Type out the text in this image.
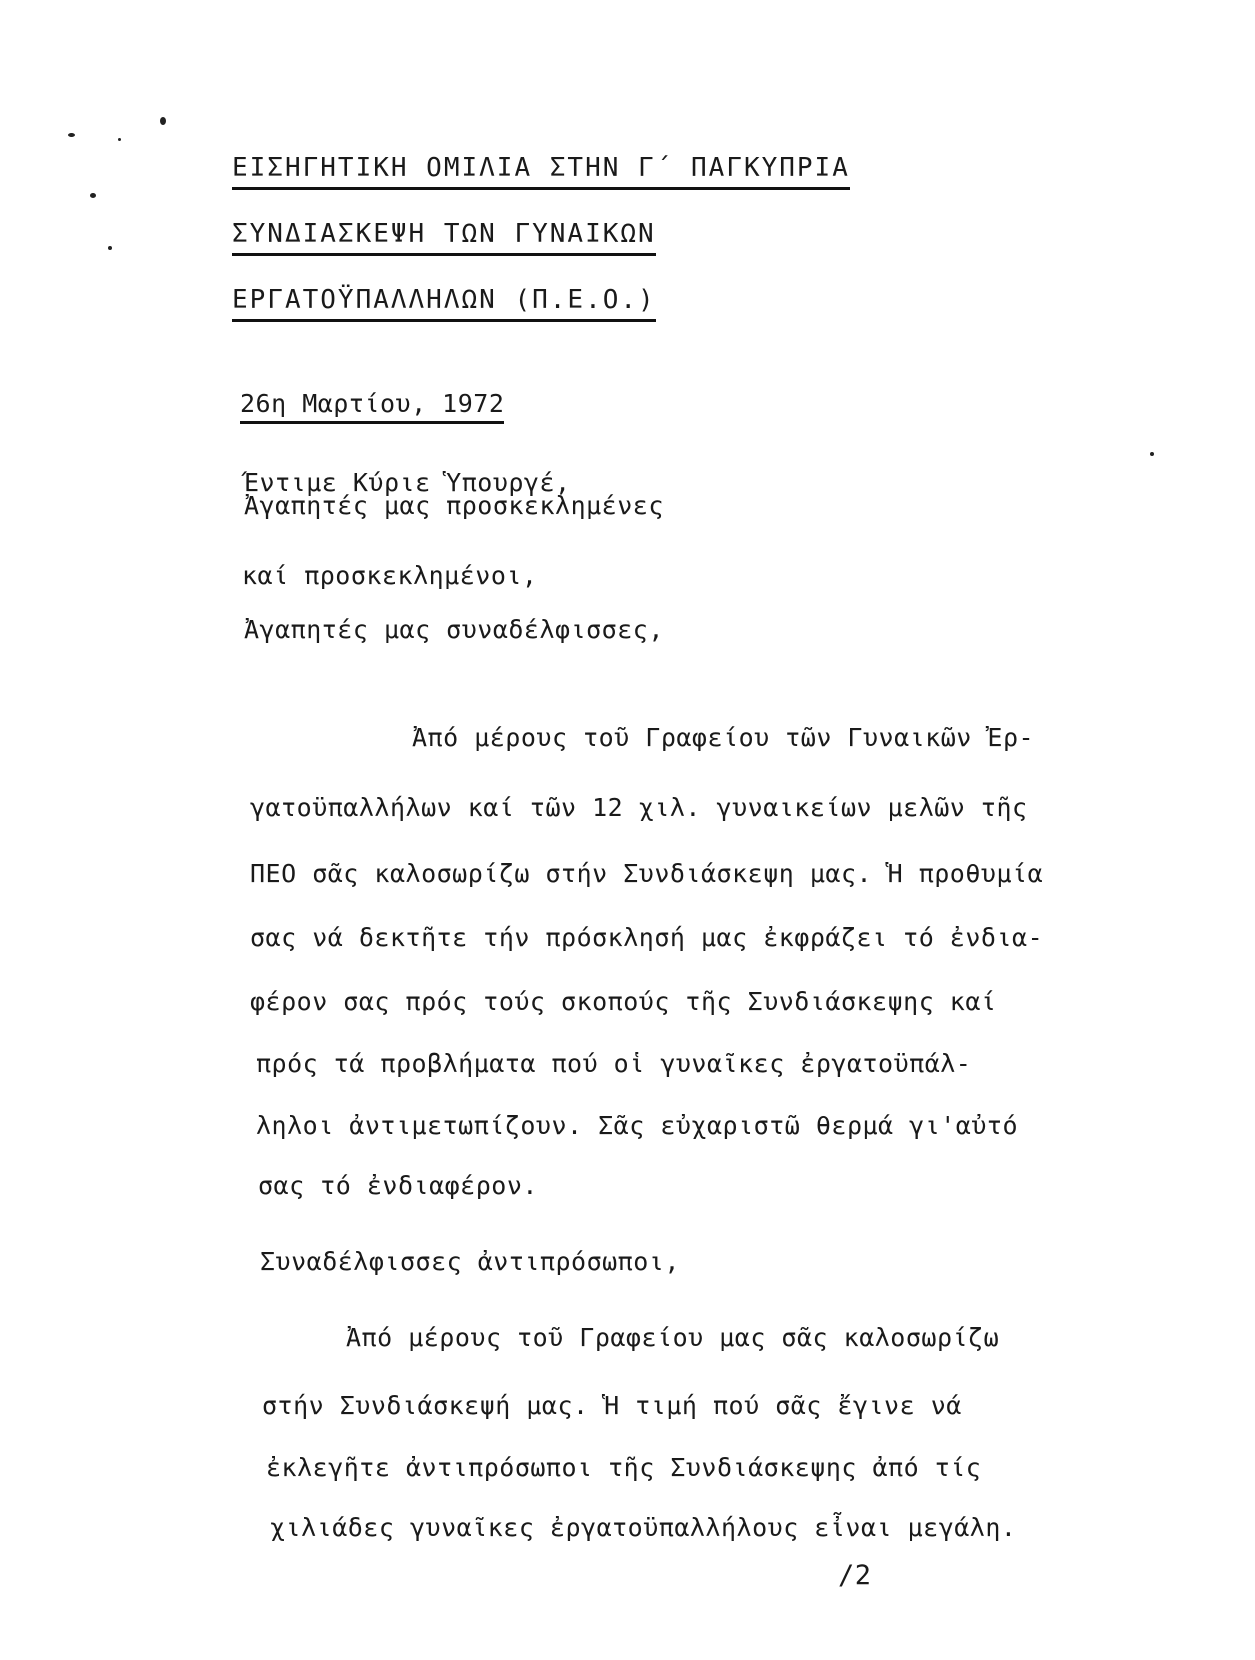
ΕΙΣΗΓΗΤΙΚΗ ΟΜΙΛΙΑ ΣΤΗΝ Γ΄ ΠΑΓΚΥΠΡΙΑ
ΣΥΝΔΙΑΣΚΕΨΗ ΤΩΝ ΓΥΝΑΙΚΩΝ
ΕΡΓΑΤΟΫΠΑΛΛΗΛΩΝ (Π.Ε.Ο.)
26η Μαρτίου, 1972
Έντιμε Κύριε Ὑπουργέ,
Ἀγαπητές μας προσκεκλημένες
καί προσκεκλημένοι,
Ἀγαπητές μας συναδέλφισσες,
Ἀπό μέρους τοῦ Γραφείου τῶν Γυναικῶν Ἐρ-
γατοϋπαλλήλων καί τῶν 12 χιλ. γυναικείων μελῶν τῆς
ΠΕΟ σᾶς καλοσωρίζω στήν Συνδιάσκεψη μας. Ἡ προθυμία
σας νά δεκτῆτε τήν πρόσκλησή μας ἐκφράζει τό ἐνδια-
φέρον σας πρός τούς σκοπούς τῆς Συνδιάσκεψης καί
πρός τά προβλήματα πού οἱ γυναῖκες ἐργατοϋπάλ-
ληλοι ἀντιμετωπίζουν. Σᾶς εὐχαριστῶ θερμά γι'αὐτό
σας τό ἐνδιαφέρον.
Συναδέλφισσες ἀντιπρόσωποι,
Ἀπό μέρους τοῦ Γραφείου μας σᾶς καλοσωρίζω
στήν Συνδιάσκεψή μας. Ἡ τιμή πού σᾶς ἔγινε νά
ἐκλεγῆτε ἀντιπρόσωποι τῆς Συνδιάσκεψης ἀπό τίς
χιλιάδες γυναῖκες ἐργατοϋπαλλήλους εἶναι μεγάλη.
/2
